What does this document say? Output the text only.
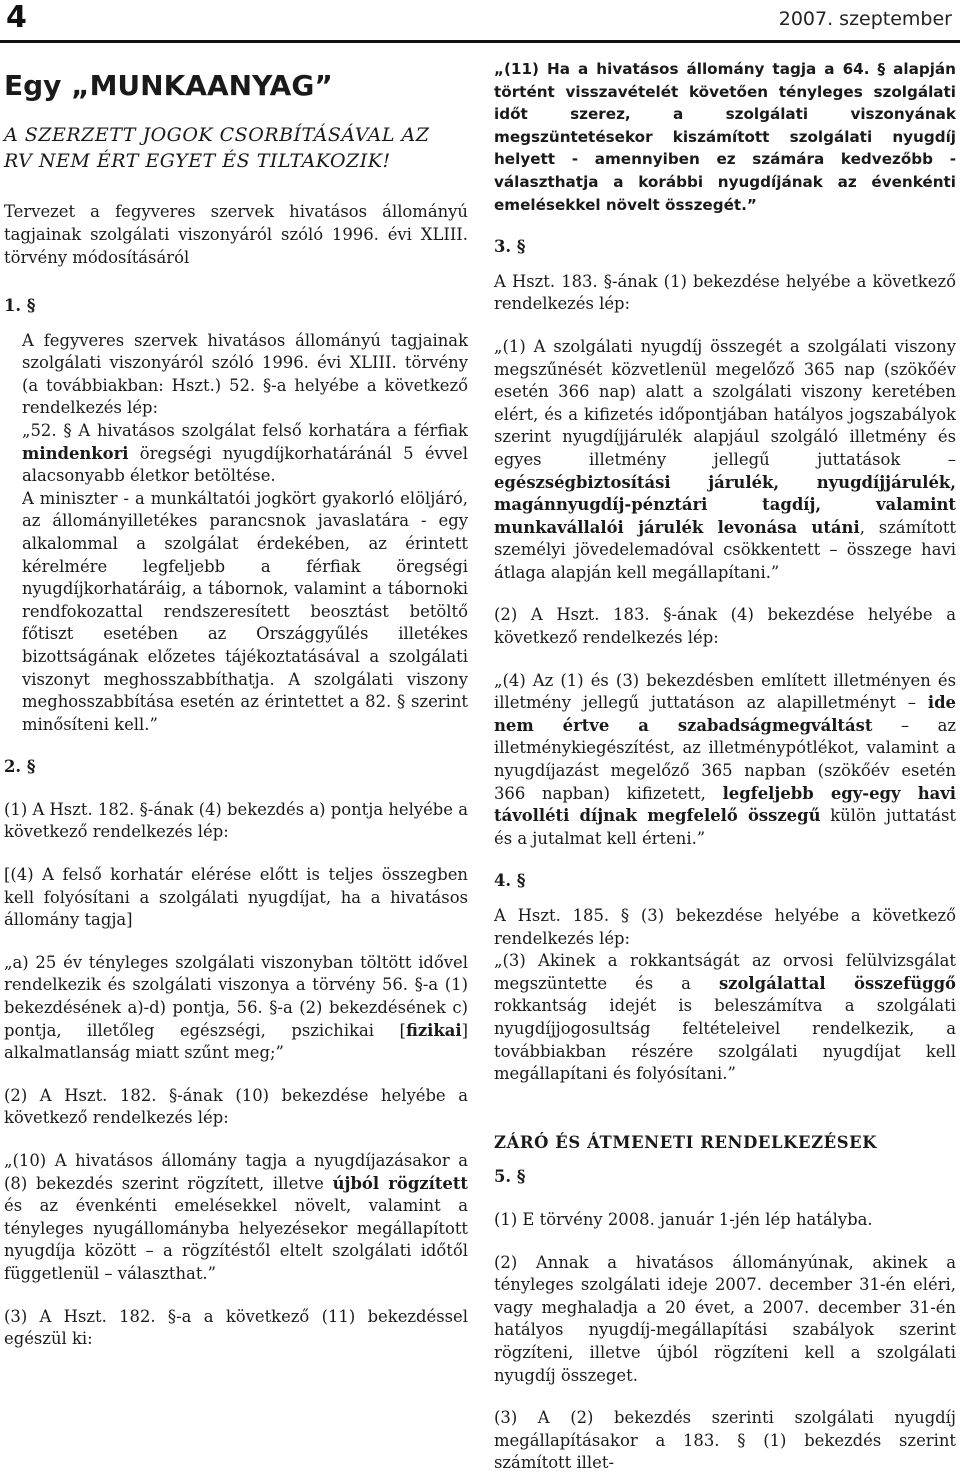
4	2007. szeptember
Egy „MUNKAANYAG”

A SZERZETT JOGOK CSORBÍTÁSÁVAL AZ

RV NEM ÉRT EGYET ÉS TILTAKOZIK!

Tervezet a fegyveres szervek hivatásos állományú tagjainak szolgálati viszonyáról szóló 1996. évi XLIII. törvény módosításáról

1. §

A fegyveres szervek hivatásos állományú tagjainak szolgálati viszonyáról szóló 1996. évi XLIII. törvény (a továbbiakban: Hszt.) 52. §-a helyébe a következő rendelkezés lép:

„52. § A hivatásos szolgálat felső korhatára a férfiak mindenkori öregségi nyugdíjkorhatáránál 5 évvel alacsonyabb életkor betöltése.

A miniszter - a munkáltatói jogkört gyakorló elöljáró, az állományilletékes parancsnok javaslatára - egy alkalommal a szolgálat érdekében, az érintett kérelmére legfeljebb a férfiak öregségi nyugdíjkorhatáráig, a tábornok, valamint a tábornoki rendfokozattal rendszeresített beosztást betöltő főtiszt esetében az Országgyűlés illetékes bizottságának előzetes tájékoztatásával a szolgálati viszonyt meghosszabbíthatja. A szolgálati viszony meghosszabbítása esetén az érintettet a 82. § szerint minősíteni kell.”

2. §

(1) A Hszt. 182. §-ának (4) bekezdés a) pontja helyébe a következő rendelkezés lép:

[(4) A felső korhatár elérése előtt is teljes összegben kell folyósítani a szolgálati nyugdíjat, ha a hivatásos állomány tagja]

„a) 25 év tényleges szolgálati viszonyban töltött idővel rendelkezik és szolgálati viszonya a törvény 56. §-a (1) bekezdésének a)-d) pontja, 56. §-a (2) bekezdésének c) pontja, illetőleg egészségi, pszichikai [fizikai] alkalmatlanság miatt szűnt meg;”

(2) A Hszt. 182. §-ának (10) bekezdése helyébe a következő rendelkezés lép:

„(10) A hivatásos állomány tagja a nyugdíjazásakor a (8) bekezdés szerint rögzített, illetve újból rögzített és az évenkénti emelésekkel növelt, valamint a tényleges nyugállományba helyezésekor megállapított nyugdíja között – a rögzítéstől eltelt szolgálati időtől függetlenül – választhat.”

(3) A Hszt. 182. §-a a következő (11) bekezdéssel egészül ki:

„(11) Ha a hivatásos állomány tagja a 64. § alapján történt visszavételét követően tényleges szolgálati időt szerez, a szolgálati viszonyának megszüntetésekor kiszámított szolgálati nyugdíj helyett - amennyiben ez számára kedvezőbb - választhatja a korábbi nyugdíjának az évenkénti emelésekkel növelt összegét.”

3. §

A Hszt. 183. §-ának (1) bekezdése helyébe a következő rendelkezés lép:

„(1) A szolgálati nyugdíj összegét a szolgálati viszony megszűnését közvetlenül megelőző 365 nap (szökőév esetén 366 nap) alatt a szolgálati viszony keretében elért, és a kifizetés időpontjában hatályos jogszabályok szerint nyugdíjjárulék alapjául szolgáló illetmény és egyes illetmény jellegű juttatások – egészségbiztosítási járulék, nyugdíjjárulék, magánnyugdíj-pénztári tagdíj, valamint munkavállalói járulék levonása utáni, számított személyi jövedelemadóval csökkentett – összege havi átlaga alapján kell megállapítani.”

(2) A Hszt. 183. §-ának (4) bekezdése helyébe a következő rendelkezés lép:

„(4) Az (1) és (3) bekezdésben említett illetményen és illetmény jellegű juttatáson az alapilletményt – ide nem értve a szabadságmegváltást – az illetménykiegészítést, az illetménypótlékot, valamint a nyugdíjazást megelőző 365 napban (szökőév esetén 366 napban) kifizetett, legfeljebb egy-egy havi távolléti díjnak megfelelő összegű külön juttatást és a jutalmat kell érteni.”

4. §

A Hszt. 185. § (3) bekezdése helyébe a következő rendelkezés lép:

„(3) Akinek a rokkantságát az orvosi felülvizsgálat megszüntette és a szolgálattal összefüggő rokkantság idejét is beleszámítva a szolgálati nyugdíjjogosultság feltételeivel rendelkezik, a továbbiakban részére szolgálati nyugdíjat kell megállapítani és folyósítani.”

ZÁRÓ ÉS ÁTMENETI RENDELKEZÉSEK

5. §

(1) E törvény 2008. január 1-jén lép hatályba.

(2) Annak a hivatásos állományúnak, akinek a tényleges szolgálati ideje 2007. december 31-én eléri, vagy meghaladja a 20 évet, a 2007. december 31-én hatályos nyugdíj-megállapítási szabályok szerint rögzíteni, illetve újból rögzíteni kell a szolgálati nyugdíj összeget.

(3) A (2) bekezdés szerinti szolgálati nyugdíj megállapításakor a 183. § (1) bekezdés szerint számított illet-
